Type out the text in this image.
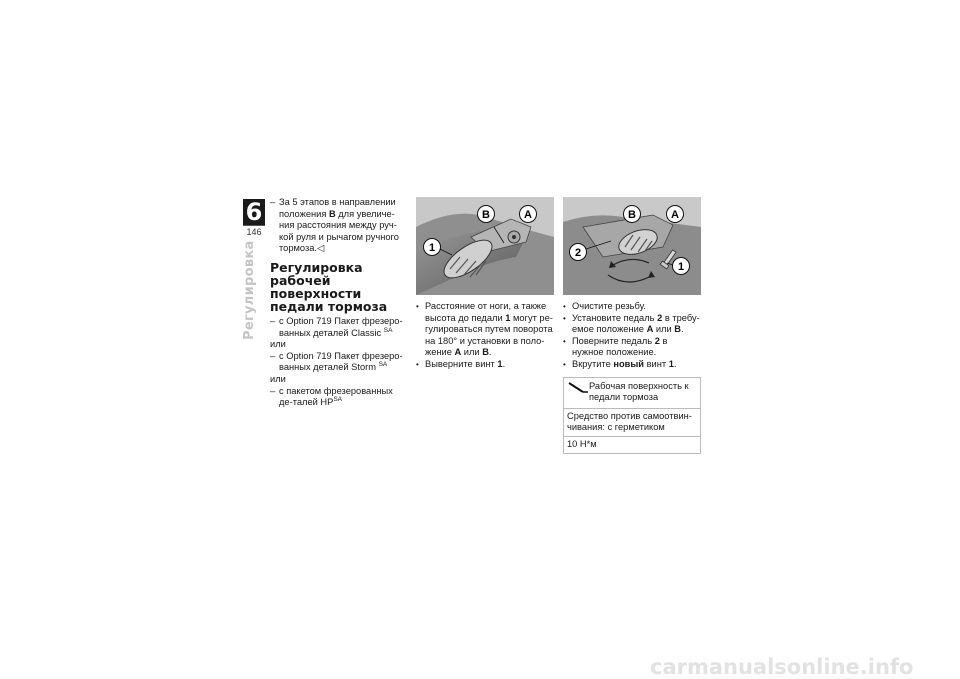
6
146
Регулировка
– За 5 этапов в направлении положения B для увеличе-ния расстояния между руч-кой руля и рычагом ручного тормоза.◁
Регулировка рабочей поверхности педали тормоза
– с Option 719 Пакет фрезеро-ванных деталей Classic $^{SA}$
или
– с Option 719 Пакет фрезеро-ванных деталей Storm $^{SA}$
или
– с пакетом фрезерованных де-талей $HP^{SA}$
B	A
1
• Расстояние от ноги, а также высота до педали 1 могут ре-гулироваться путем поворота на 180° и установки в поло-жение A или B.
• Выверните винт 1.
B	A
2
1
• Очистите резьбу.
• Установите педаль 2 в требу-емое положение A или B.
• Поверните педаль 2 в нужное положение.
• Вкрутите новый винт 1.
Рабочая поверхность к педали тормоза
Средство против самоотвин-чивания: с герметиком
10 Н*м
carmanualsonline.info
